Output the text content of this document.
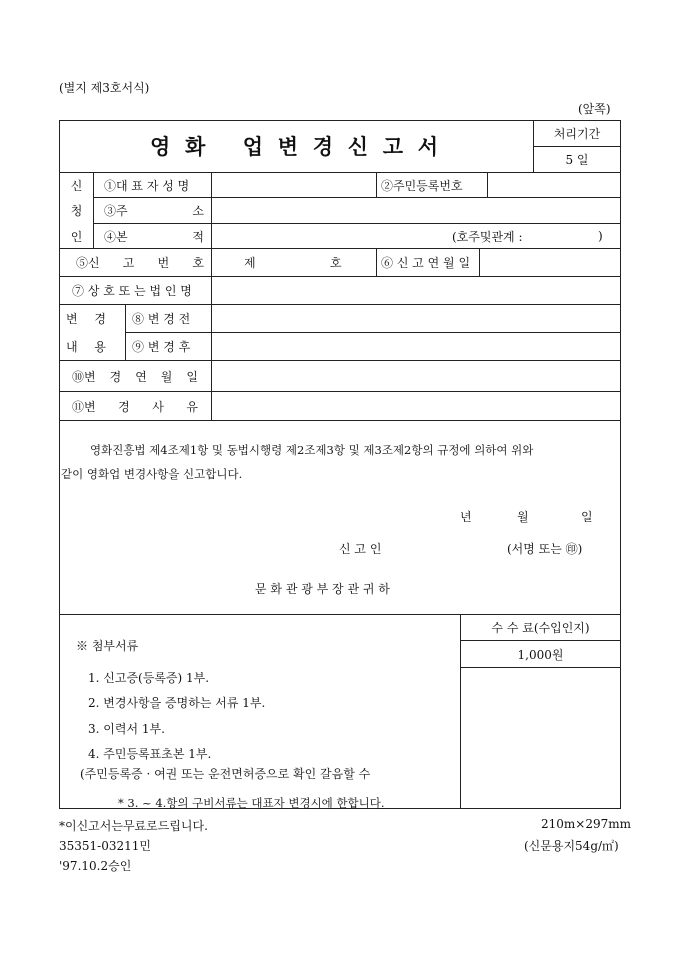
(별지 제3호서식)
(앞쪽)
영 화 업 변 경 신 고 서
처리기간
5 일
신
청
인
①대 표 자 성 명	②주민등록번호
③주	소
④본	적	(호주및관계 :	)
⑤신 고 번 호	제	호	⑥ 신 고 연 월 일
⑦ 상 호 또 는 법 인 명
변 경
내 용
⑧ 변 경 전
⑨ 변 경 후
⑩변 경 연 월 일
⑪변 경 사 유
영화진흥법 제4조제1항 및 동법시행령 제2조제3항 및 제3조제2항의 규정에 의하여 위와
같이 영화업 변경사항을 신고합니다.
년	월	일
신 고 인	(서명 또는 ㊞)
문 화 관 광 부 장 관 귀 하
※ 첨부서류
1. 신고증(등록증) 1부.
2. 변경사항을 증명하는 서류 1부.
3. 이력서 1부.
4. 주민등록표초본 1부.
(주민등록증 · 여권 또는 운전면허증으로 확인 갈음할 수
* 3. ~ 4.항의 구비서류는 대표자 변경시에 한합니다.
수 수 료(수입인지)
1,000원
*이신고서는무료로드립니다.	210m×297mm
35351-03211민	(신문용지54g/㎡)
'97.10.2승인
